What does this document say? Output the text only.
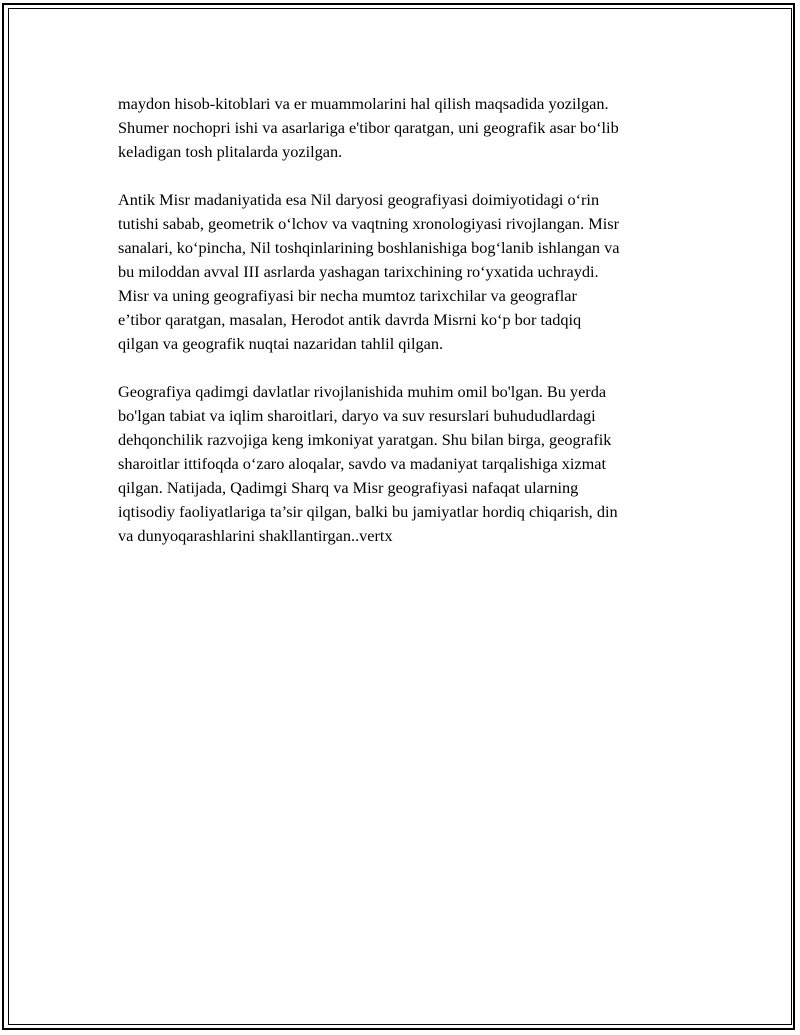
maydon hisob-kitoblari va er muammolarini hal qilish maqsadida yozilgan.
Shumer nochopri ishi va asarlariga e'tibor qaratgan, uni geografik asar bo‘lib
keladigan tosh plitalarda yozilgan.

Antik Misr madaniyatida esa Nil daryosi geografiyasi doimiyotidagi o‘rin
tutishi sabab, geometrik o‘lchov va vaqtning xronologiyasi rivojlangan. Misr
sanalari, ko‘pincha, Nil toshqinlarining boshlanishiga bog‘lanib ishlangan va
bu miloddan avval III asrlarda yashagan tarixchining ro‘yxatida uchraydi.
Misr va uning geografiyasi bir necha mumtoz tarixchilar va geograflar
e’tibor qaratgan, masalan, Herodot antik davrda Misrni ko‘p bor tadqiq
qilgan va geografik nuqtai nazaridan tahlil qilgan.

Geografiya qadimgi davlatlar rivojlanishida muhim omil bo'lgan. Bu yerda
bo'lgan tabiat va iqlim sharoitlari, daryo va suv resurslari buhududlardagi
dehqonchilik razvojiga keng imkoniyat yaratgan. Shu bilan birga, geografik
sharoitlar ittifoqda o‘zaro aloqalar, savdo va madaniyat tarqalishiga xizmat
qilgan. Natijada, Qadimgi Sharq va Misr geografiyasi nafaqat ularning
iqtisodiy faoliyatlariga ta’sir qilgan, balki bu jamiyatlar hordiq chiqarish, din
va dunyoqarashlarini shakllantirgan..vertx
